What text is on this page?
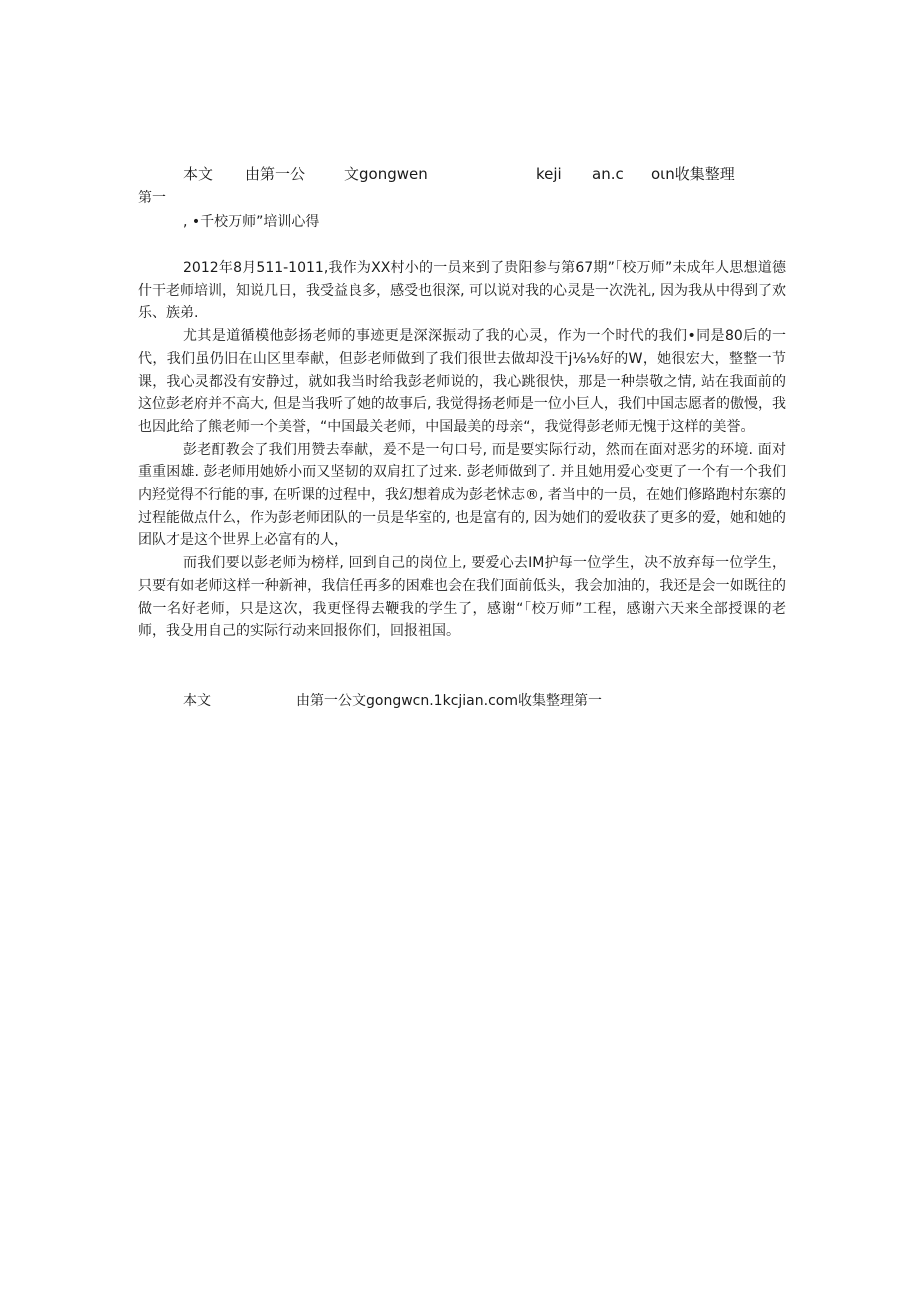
本文 由第一公	文gongwen	keji an.c oιn收集整理
第一
, •千校万师”培训心得

2012年8月511-1011,我作为XX村小的一员来到了贵阳参与第67期”「校万师”未成年人思想道德什干老师培训，知说几日，我受益良多，感受也很深, 可以说对我的心灵是一次洗礼, 因为我从中得到了欢乐、族弟.

尤其是道循模他彭扬老师的事迹更是深深振动了我的心灵，作为一个时代的我们•同是80后的一代，我们虽仍旧在山区里奉献，但彭老师做到了我们很世去做却没干j⅛⅛好的W，她很宏大，整整一节课，我心灵都没有安静过，就如我当时给我彭老师说的，我心跳很快，那是一种崇敬之情, 站在我面前的这位彭老府并不高大, 但是当我听了她的故事后, 我觉得扬老师是一位小巨人，我们中国志愿者的傲慢，我也因此给了熊老师一个美誉，“中国最关老师，中国最美的母亲“，我觉得彭老师无愧于这样的美誉。

彭老酊教会了我们用赞去奉献，爰不是一句口号, 而是要实际行动，然而在面对恶劣的环境. 面对重重困雄. 彭老师用她娇小而又坚韧的双肩扛了过来. 彭老师做到了. 并且她用爱心变更了一个有一个我们内羟觉得不行能的事, 在听课的过程中，我幻想着成为彭老怵志®, 者当中的一员，在她们修路跑村东寨的过程能做点什么，作为彭老师团队的一员是华室的, 也是富有的, 因为她们的爱收获了更多的爱，她和她的团队才是这个世界上必富有的人，

而我们要以彭老师为榜样, 回到自己的岗位上, 要爱心去IM护每一位学生，决不放弃每一位学生，只要有如老师这样一种新神，我信任再多的困难也会在我们面前低头，我会加油的，我还是会一如既往的做一名好老师，只是这次，我更怪得去鞭我的学生了，感谢“「校万师”工程，感谢六天来全部授课的老师，我殳用自己的实际行动来回报你们，回报祖国。

本文	由第一公文gongwcn.1kcjian.com收集整理第一
